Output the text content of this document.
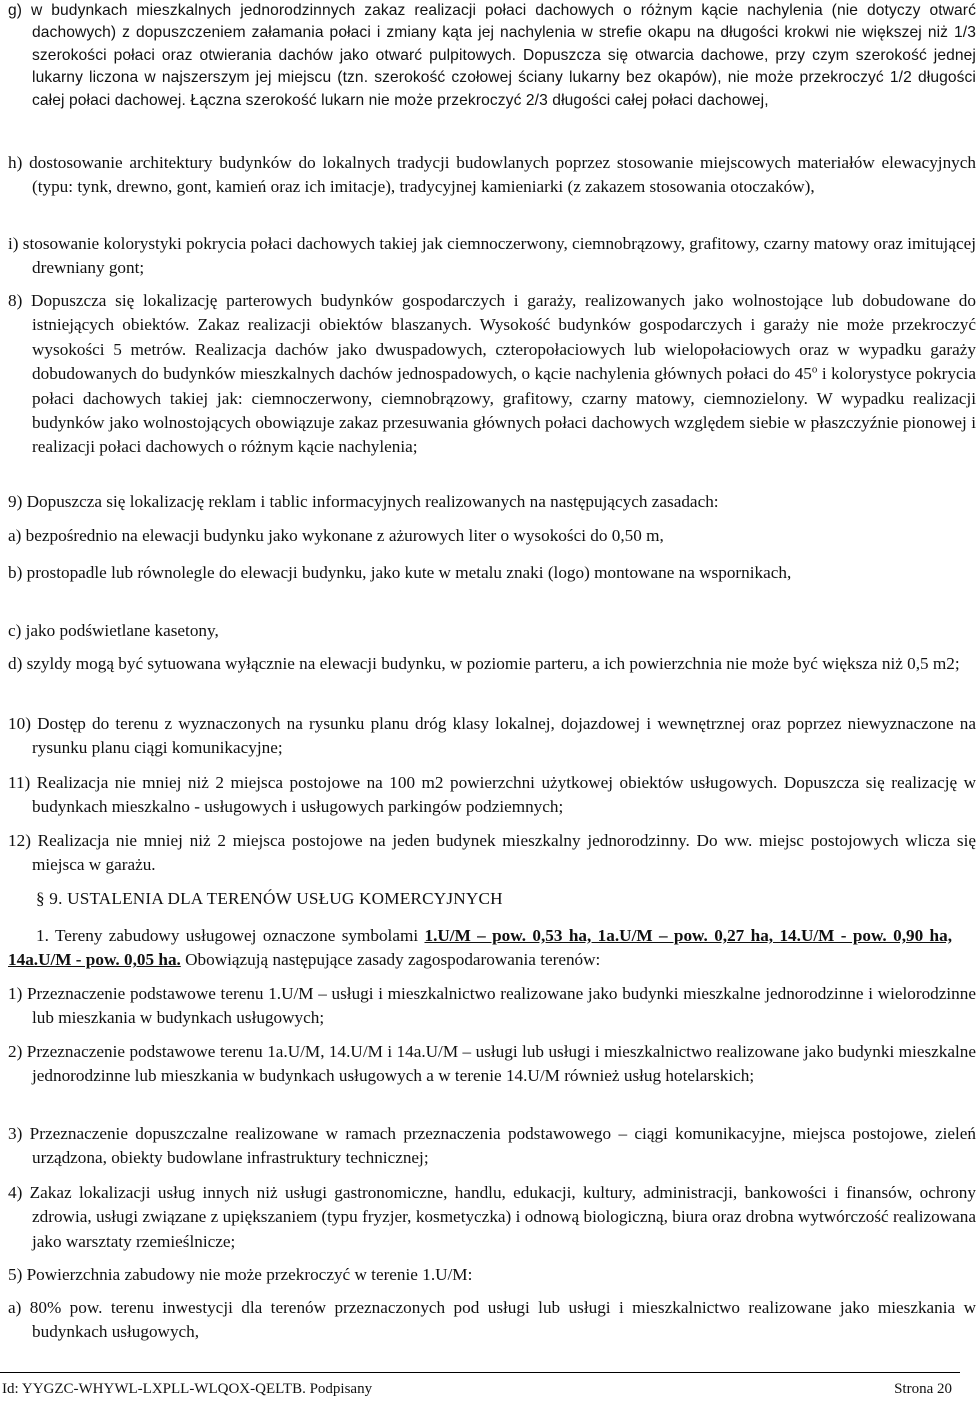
g) w budynkach mieszkalnych jednorodzinnych zakaz realizacji połaci dachowych o różnym kącie nachylenia (nie dotyczy otwarć dachowych) z dopuszczeniem załamania połaci i zmiany kąta jej nachylenia w strefie okapu na długości krokwi nie większej niż 1/3 szerokości połaci oraz otwierania dachów jako otwarć pulpitowych. Dopuszcza się otwarcia dachowe, przy czym szerokość jednej lukarny liczona w najszerszym jej miejscu (tzn. szerokość czołowej ściany lukarny bez okapów), nie może przekroczyć 1/2 długości całej połaci dachowej. Łączna szerokość lukarn nie może przekroczyć 2/3 długości całej połaci dachowej,

h) dostosowanie architektury budynków do lokalnych tradycji budowlanych poprzez stosowanie miejscowych materiałów elewacyjnych (typu: tynk, drewno, gont, kamień oraz ich imitacje), tradycyjnej kamieniarki (z zakazem stosowania otoczaków),

i) stosowanie kolorystyki pokrycia połaci dachowych takiej jak ciemnoczerwony, ciemnobrązowy, grafitowy, czarny matowy oraz imitującej drewniany gont;

8) Dopuszcza się lokalizację parterowych budynków gospodarczych i garaży, realizowanych jako wolnostojące lub dobudowane do istniejących obiektów. Zakaz realizacji obiektów blaszanych. Wysokość budynków gospodarczych i garaży nie może przekroczyć wysokości 5 metrów. Realizacja dachów jako dwuspadowych, czteropołaciowych lub wielopołaciowych oraz w wypadku garaży dobudowanych do budynków mieszkalnych dachów jednospadowych, o kącie nachylenia głównych połaci do 45$^o$ i kolorystyce pokrycia połaci dachowych takiej jak: ciemnoczerwony, ciemnobrązowy, grafitowy, czarny matowy, ciemnozielony. W wypadku realizacji budynków jako wolnostojących obowiązuje zakaz przesuwania głównych połaci dachowych względem siebie w płaszczyźnie pionowej i realizacji połaci dachowych o różnym kącie nachylenia;

9) Dopuszcza się lokalizację reklam i tablic informacyjnych realizowanych na następujących zasadach:

a) bezpośrednio na elewacji budynku jako wykonane z ażurowych liter o wysokości do 0,50 m,

b) prostopadle lub równolegle do elewacji budynku, jako kute w metalu znaki (logo) montowane na wspornikach,

c) jako podświetlane kasetony,

d) szyldy mogą być sytuowana wyłącznie na elewacji budynku, w poziomie parteru, a ich powierzchnia nie może być większa niż 0,5 m2;

10) Dostęp do terenu z wyznaczonych na rysunku planu dróg klasy lokalnej, dojazdowej i wewnętrznej oraz poprzez niewyznaczone na rysunku planu ciągi komunikacyjne;

11) Realizacja nie mniej niż 2 miejsca postojowe na 100 m2 powierzchni użytkowej obiektów usługowych. Dopuszcza się realizację w budynkach mieszkalno - usługowych i usługowych parkingów podziemnych;

12) Realizacja nie mniej niż 2 miejsca postojowe na jeden budynek mieszkalny jednorodzinny. Do ww. miejsc postojowych wlicza się miejsca w garażu.

§ 9. USTALENIA DLA TERENÓW USŁUG KOMERCYJNYCH

1. Tereny zabudowy usługowej oznaczone symbolami 1.U/M – pow. 0,53 ha, 1a.U/M – pow. 0,27 ha, 14.U/M - pow. 0,90 ha, 14a.U/M - pow. 0,05 ha. Obowiązują następujące zasady zagospodarowania terenów:

1) Przeznaczenie podstawowe terenu 1.U/M – usługi i mieszkalnictwo realizowane jako budynki mieszkalne jednorodzinne i wielorodzinne lub mieszkania w budynkach usługowych;

2) Przeznaczenie podstawowe terenu 1a.U/M, 14.U/M i 14a.U/M – usługi lub usługi i mieszkalnictwo realizowane jako budynki mieszkalne jednorodzinne lub mieszkania w budynkach usługowych a w terenie 14.U/M również usług hotelarskich;

3) Przeznaczenie dopuszczalne realizowane w ramach przeznaczenia podstawowego – ciągi komunikacyjne, miejsca postojowe, zieleń urządzona, obiekty budowlane infrastruktury technicznej;

4) Zakaz lokalizacji usług innych niż usługi gastronomiczne, handlu, edukacji, kultury, administracji, bankowości i finansów, ochrony zdrowia, usługi związane z upiększaniem (typu fryzjer, kosmetyczka) i odnową biologiczną, biura oraz drobna wytwórczość realizowana jako warsztaty rzemieślnicze;

5) Powierzchnia zabudowy nie może przekroczyć w terenie 1.U/M:

a) 80% pow. terenu inwestycji dla terenów przeznaczonych pod usługi lub usługi i mieszkalnictwo realizowane jako mieszkania w budynkach usługowych,

Id: YYGZC-WHYWL-LXPLL-WLQOX-QELTB. Podpisany	Strona 20
